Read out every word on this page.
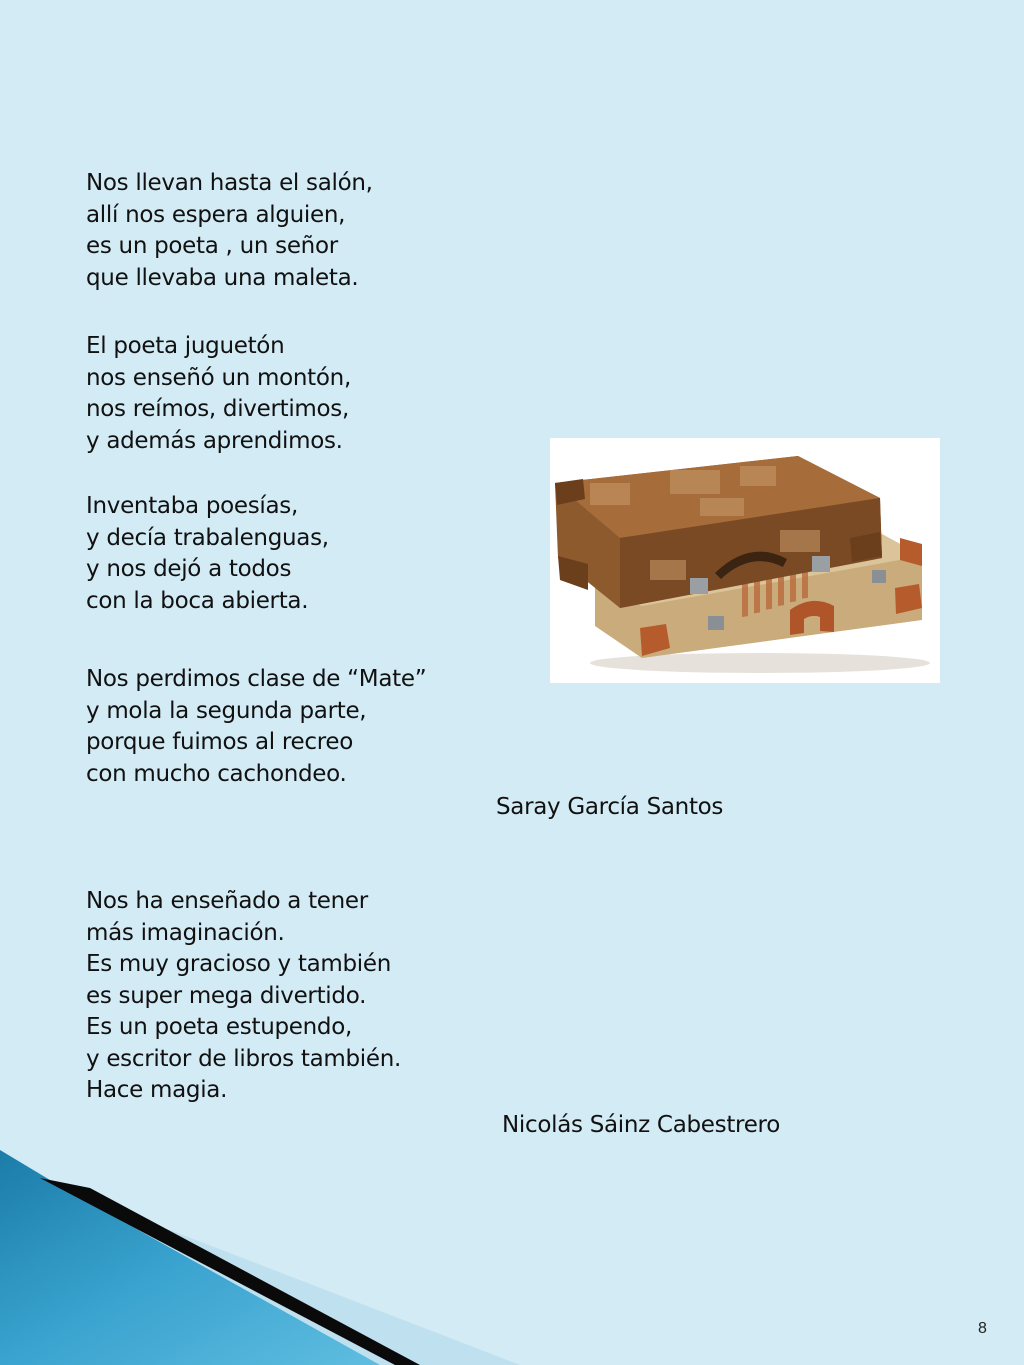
Nos llevan hasta el salón,
allí nos espera alguien,
es un poeta , un señor
que llevaba una maleta.
El poeta juguetón
nos enseñó un montón,
nos reímos, divertimos,
y además aprendimos.
Inventaba poesías,
y decía trabalenguas,
y nos dejó a todos
con la boca abierta.
Nos perdimos clase de “Mate”
y mola la segunda parte,
porque fuimos al recreo
con mucho cachondeo.
Nos ha enseñado a tener
más imaginación.
Es muy gracioso y también
es super mega divertido.
Es un poeta estupendo,
y escritor de libros también.
Hace magia.
Saray García Santos
Nicolás Sáinz Cabestrero
8
